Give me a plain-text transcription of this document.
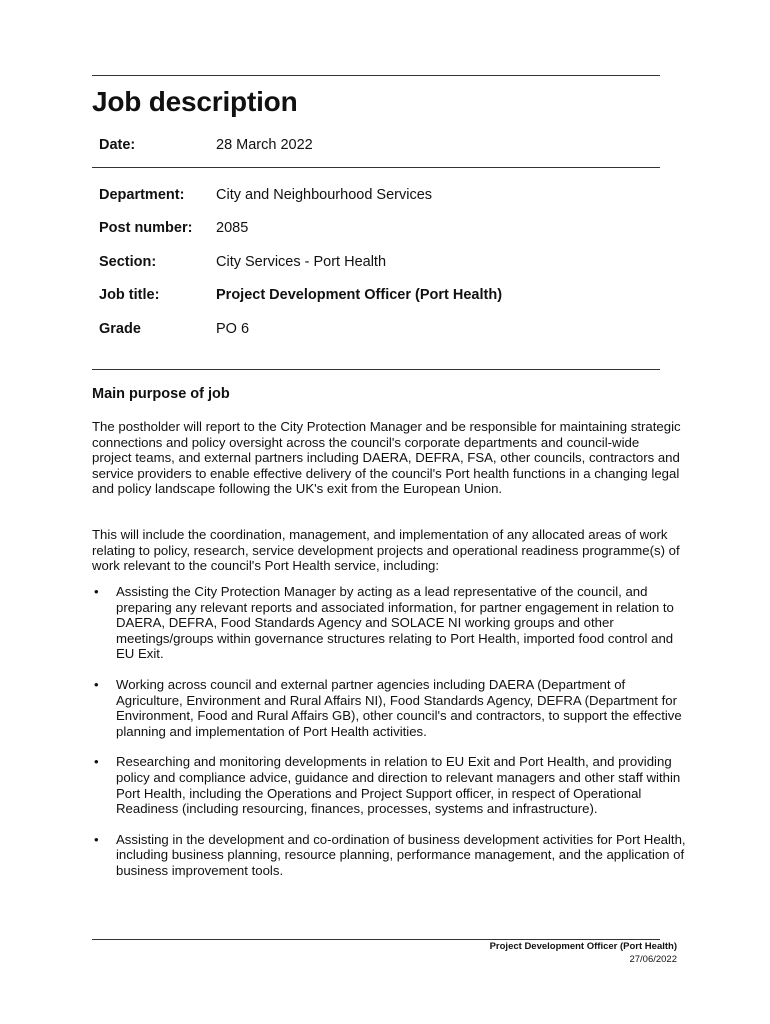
Job description
Date:	28 March 2022
Department: City and Neighbourhood Services
Post number: 2085
Section:	City Services - Port Health
Job title:	Project Development Officer (Port Health)
Grade	PO 6
Main purpose of job

The postholder will report to the City Protection Manager and be responsible for maintaining strategic connections and policy oversight across the council's corporate departments and council-wide project teams, and external partners including DAERA, DEFRA, FSA, other councils, contractors and service providers to enable effective delivery of the council's Port health functions in a changing legal and policy landscape following the UK's exit from the European Union.

This will include the coordination, management, and implementation of any allocated areas of work relating to policy, research, service development projects and operational readiness programme(s) of work relevant to the council's Port Health service, including:

• Assisting the City Protection Manager by acting as a lead representative of the council, and preparing any relevant reports and associated information, for partner engagement in relation to DAERA, DEFRA, Food Standards Agency and SOLACE NI working groups and other meetings/groups within governance structures relating to Port Health, imported food control and EU Exit.
• Working across council and external partner agencies including DAERA (Department of Agriculture, Environment and Rural Affairs NI), Food Standards Agency, DEFRA (Department for Environment, Food and Rural Affairs GB), other council's and contractors, to support the effective planning and implementation of Port Health activities.
• Researching and monitoring developments in relation to EU Exit and Port Health, and providing policy and compliance advice, guidance and direction to relevant managers and other staff within Port Health, including the Operations and Project Support officer, in respect of Operational Readiness (including resourcing, finances, processes, systems and infrastructure).
• Assisting in the development and co-ordination of business development activities for Port Health, including business planning, resource planning, performance management, and the application of business improvement tools.
Project Development Officer (Port Health)
27/06/2022
